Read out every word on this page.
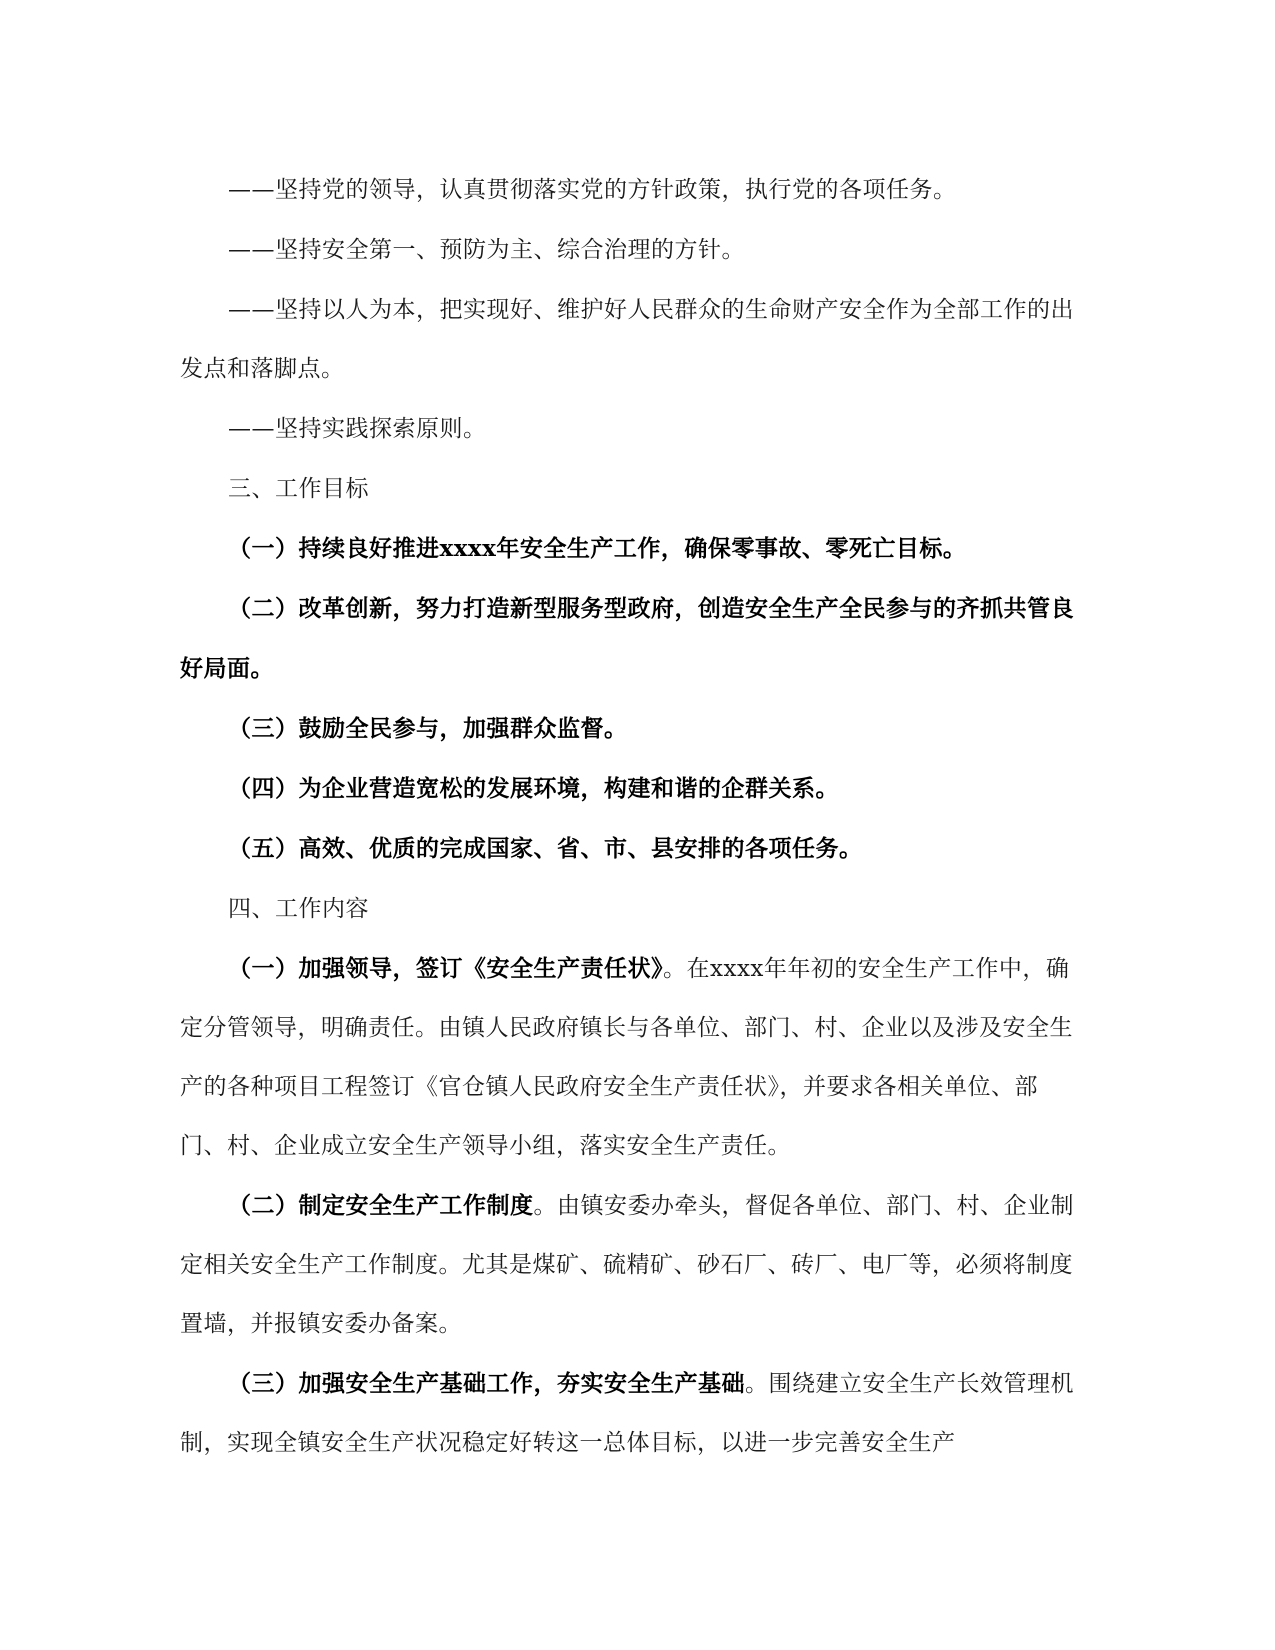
——坚持党的领导，认真贯彻落实党的方针政策，执行党的各项任务。

——坚持安全第一、预防为主、综合治理的方针。

——坚持以人为本，把实现好、维护好人民群众的生命财产安全作为全部工作的出发点和落脚点。

——坚持实践探索原则。

三、工作目标

（一）持续良好推进xxxx年安全生产工作，确保零事故、零死亡目标。

（二）改革创新，努力打造新型服务型政府，创造安全生产全民参与的齐抓共管良好局面。

（三）鼓励全民参与，加强群众监督。

（四）为企业营造宽松的发展环境，构建和谐的企群关系。

（五）高效、优质的完成国家、省、市、县安排的各项任务。

四、工作内容

（一）加强领导，签订《安全生产责任状》。在xxxx年年初的安全生产工作中，确定分管领导，明确责任。由镇人民政府镇长与各单位、部门、村、企业以及涉及安全生产的各种项目工程签订《官仓镇人民政府安全生产责任状》，并要求各相关单位、部门、村、企业成立安全生产领导小组，落实安全生产责任。

（二）制定安全生产工作制度。由镇安委办牵头，督促各单位、部门、村、企业制定相关安全生产工作制度。尤其是煤矿、硫精矿、砂石厂、砖厂、电厂等，必须将制度置墙，并报镇安委办备案。

（三）加强安全生产基础工作，夯实安全生产基础。围绕建立安全生产长效管理机制，实现全镇安全生产状况稳定好转这一总体目标，以进一步完善安全生产
